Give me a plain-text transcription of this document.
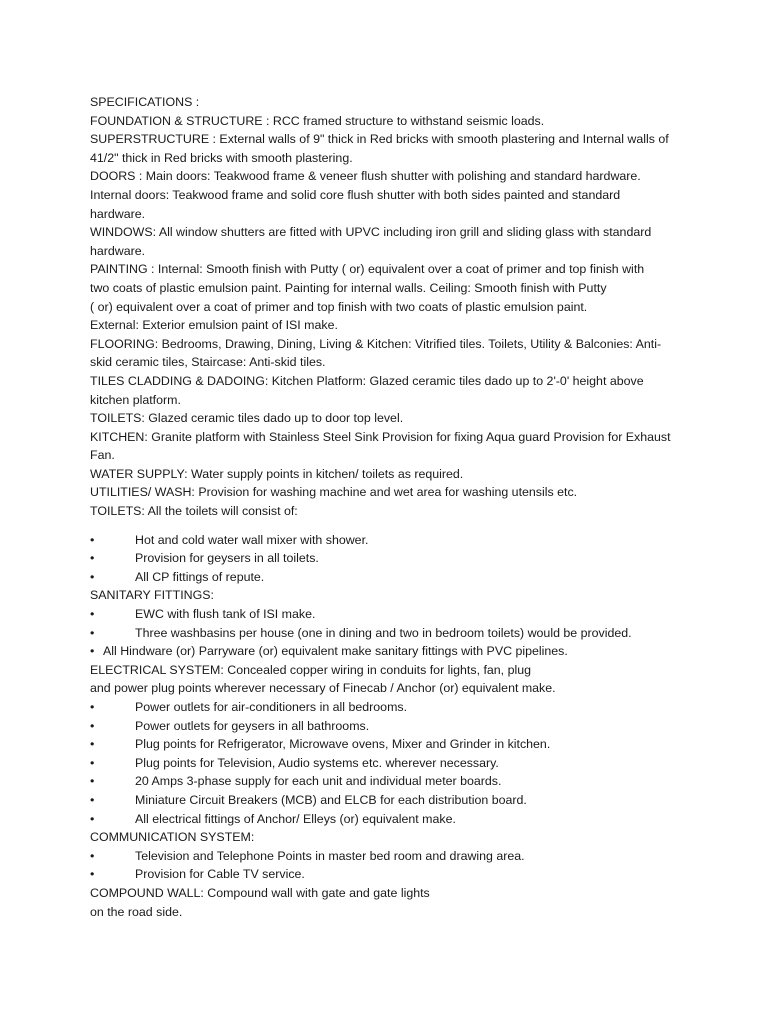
SPECIFICATIONS :
FOUNDATION & STRUCTURE : RCC framed structure to withstand seismic loads.
SUPERSTRUCTURE : External walls of 9" thick in Red bricks with smooth plastering and Internal walls of
41/2" thick in Red bricks with smooth plastering.
DOORS : Main doors: Teakwood frame & veneer flush shutter with polishing and standard hardware.
Internal doors: Teakwood frame and solid core flush shutter with both sides painted and standard
hardware.
WINDOWS: All window shutters are fitted with UPVC including iron grill and sliding glass with standard
hardware.
PAINTING : Internal: Smooth finish with Putty ( or) equivalent over a coat of primer and top finish with
two coats of plastic emulsion paint. Painting for internal walls. Ceiling: Smooth finish with Putty
( or) equivalent over a coat of primer and top finish with two coats of plastic emulsion paint.
External: Exterior emulsion paint of ISI make.
FLOORING: Bedrooms, Drawing, Dining, Living & Kitchen: Vitrified tiles. Toilets, Utility & Balconies: Anti-
skid ceramic tiles, Staircase: Anti-skid tiles.
TILES CLADDING & DADOING: Kitchen Platform: Glazed ceramic tiles dado up to 2'-0' height above
kitchen platform.
TOILETS: Glazed ceramic tiles dado up to door top level.
KITCHEN: Granite platform with Stainless Steel Sink Provision for fixing Aqua guard Provision for Exhaust
Fan.
WATER SUPPLY: Water supply points in kitchen/ toilets as required.
UTILITIES/ WASH: Provision for washing machine and wet area for washing utensils etc.
TOILETS: All the toilets will consist of:
•	Hot and cold water wall mixer with shower.
•	Provision for geysers in all toilets.
•	All CP fittings of repute.
SANITARY FITTINGS:
•	EWC with flush tank of ISI make.
•	Three washbasins per house (one in dining and two in bedroom toilets) would be provided.
• All Hindware (or) Parryware (or) equivalent make sanitary fittings with PVC pipelines.
ELECTRICAL SYSTEM: Concealed copper wiring in conduits for lights, fan, plug
and power plug points wherever necessary of Finecab / Anchor (or) equivalent make.
•	Power outlets for air-conditioners in all bedrooms.
•	Power outlets for geysers in all bathrooms.
•	Plug points for Refrigerator, Microwave ovens, Mixer and Grinder in kitchen.
•	Plug points for Television, Audio systems etc. wherever necessary.
•	20 Amps 3-phase supply for each unit and individual meter boards.
•	Miniature Circuit Breakers (MCB) and ELCB for each distribution board.
•	All electrical fittings of Anchor/ Elleys (or) equivalent make.
COMMUNICATION SYSTEM:
•	Television and Telephone Points in master bed room and drawing area.
•	Provision for Cable TV service.
COMPOUND WALL: Compound wall with gate and gate lights
on the road side.
